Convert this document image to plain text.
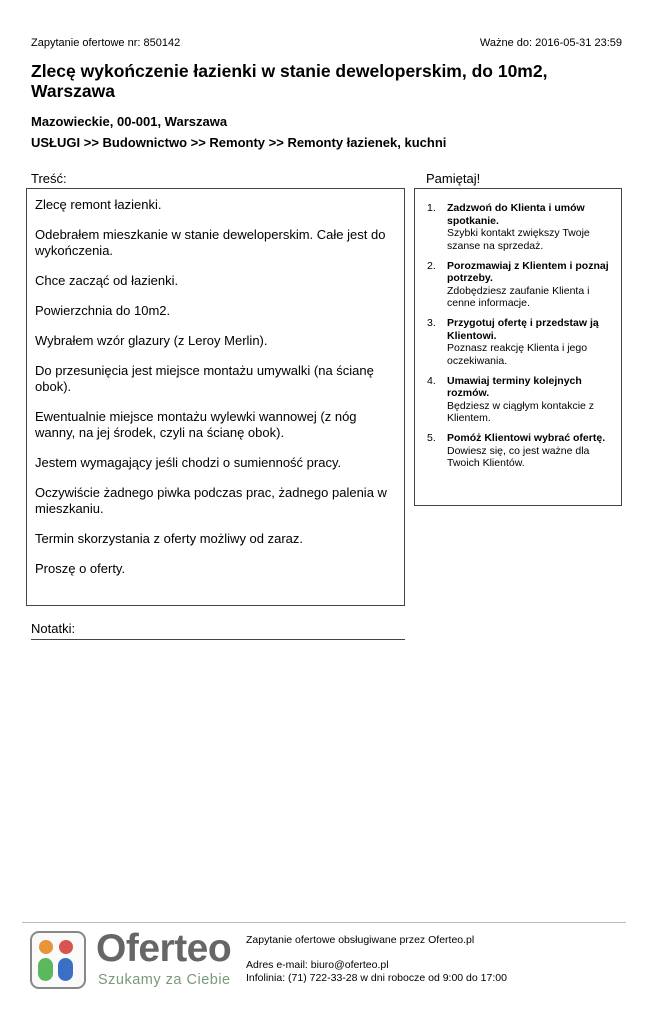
Zapytanie ofertowe nr: 850142	Ważne do: 2016-05-31 23:59
Zlecę wykończenie łazienki w stanie deweloperskim, do 10m2, Warszawa
Mazowieckie, 00-001, Warszawa
USŁUGI >> Budownictwo >> Remonty >> Remonty łazienek, kuchni
Treść:

Zlecę remont łazienki.

Odebrałem mieszkanie w stanie deweloperskim. Całe jest do wykończenia.

Chce zacząć od łazienki.

Powierzchnia do 10m2.

Wybrałem wzór glazury (z Leroy Merlin).

Do przesunięcia jest miejsce montażu umywalki (na ścianę obok).

Ewentualnie miejsce montażu wylewki wannowej (z nóg wanny, na jej środek, czyli na ścianę obok).

Jestem wymagający jeśli chodzi o sumienność pracy.

Oczywiście żadnego piwka podczas prac, żadnego palenia w mieszkaniu.

Termin skorzystania z oferty możliwy od zaraz.

Proszę o oferty.

Pamiętaj!
1. Zadzwoń do Klienta i umów spotkanie.
Szybki kontakt zwiększy Twoje szanse na sprzedaż.
2. Porozmawiaj z Klientem i poznaj potrzeby.
Zdobędziesz zaufanie Klienta i cenne informacje.
3. Przygotuj ofertę i przedstaw ją Klientowi.
Poznasz reakcję Klienta i jego oczekiwania.
4. Umawiaj terminy kolejnych rozmów.
Będziesz w ciągłym kontakcie z Klientem.
5. Pomóż Klientowi wybrać ofertę.
Dowiesz się, co jest ważne dla Twoich Klientów.
Notatki:
Oferteo
Szukamy za Ciebie
Zapytanie ofertowe obsługiwane przez Oferteo.pl
Adres e-mail: biuro@oferteo.pl
Infolinia: (71) 722-33-28 w dni robocze od 9:00 do 17:00
